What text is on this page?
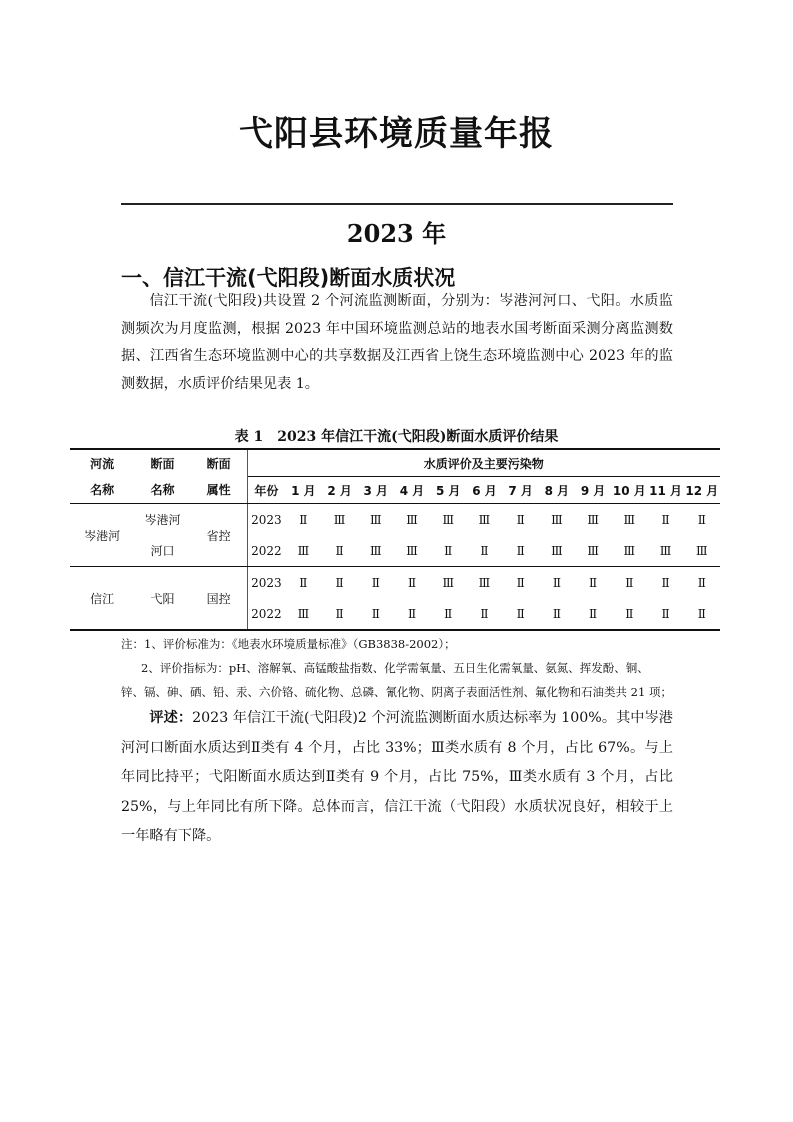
弋阳县环境质量年报
2023 年
一、信江干流(弋阳段)断面水质状况

信江干流(弋阳段)共设置 2 个河流监测断面，分别为：岑港河河口、弋阳。水质监测频次为月度监测，根据 2023 年中国环境监测总站的地表水国考断面采测分离监测数据、江西省生态环境监测中心的共享数据及江西省上饶生态环境监测中心 2023 年的监测数据，水质评价结果见表 1。

表 1　2023 年信江干流(弋阳段)断面水质评价结果
河流	断面	断面	水质评价及主要污染物												
名称	名称	属性	年份	1 月	2 月	3 月	4 月	5 月	6 月	7 月	8 月	9 月	10 月	11 月	12 月
岑港河	岑港河	省控	2023	Ⅱ	Ⅲ	Ⅲ	Ⅲ	Ⅲ	Ⅲ	Ⅱ	Ⅲ	Ⅲ	Ⅲ	Ⅱ	Ⅱ
	河口		2022	Ⅲ	Ⅱ	Ⅲ	Ⅲ	Ⅱ	Ⅱ	Ⅱ	Ⅲ	Ⅲ	Ⅲ	Ⅲ	Ⅲ
信江	弋阳	国控	2023	Ⅱ	Ⅱ	Ⅱ	Ⅱ	Ⅲ	Ⅲ	Ⅱ	Ⅱ	Ⅱ	Ⅱ	Ⅱ	Ⅱ
			2022	Ⅲ	Ⅱ	Ⅱ	Ⅱ	Ⅱ	Ⅱ	Ⅱ	Ⅱ	Ⅱ	Ⅱ	Ⅱ	Ⅱ
注：1、评价标准为：《地表水环境质量标准》（GB3838-2002）；
2、评价指标为：pH、溶解氧、高锰酸盐指数、化学需氧量、五日生化需氧量、氨氮、挥发酚、铜、
锌、镉、砷、硒、铅、汞、六价铬、硫化物、总磷、氰化物、阴离子表面活性剂、氟化物和石油类共 21 项；

评述：2023 年信江干流(弋阳段)2 个河流监测断面水质达标率为 100%。其中岑港河河口断面水质达到Ⅱ类有 4 个月，占比 33%；Ⅲ类水质有 8 个月，占比 67%。与上年同比持平；弋阳断面水质达到Ⅱ类有 9 个月，占比 75%，Ⅲ类水质有 3 个月，占比 25%，与上年同比有所下降。总体而言，信江干流（弋阳段）水质状况良好，相较于上一年略有下降。
